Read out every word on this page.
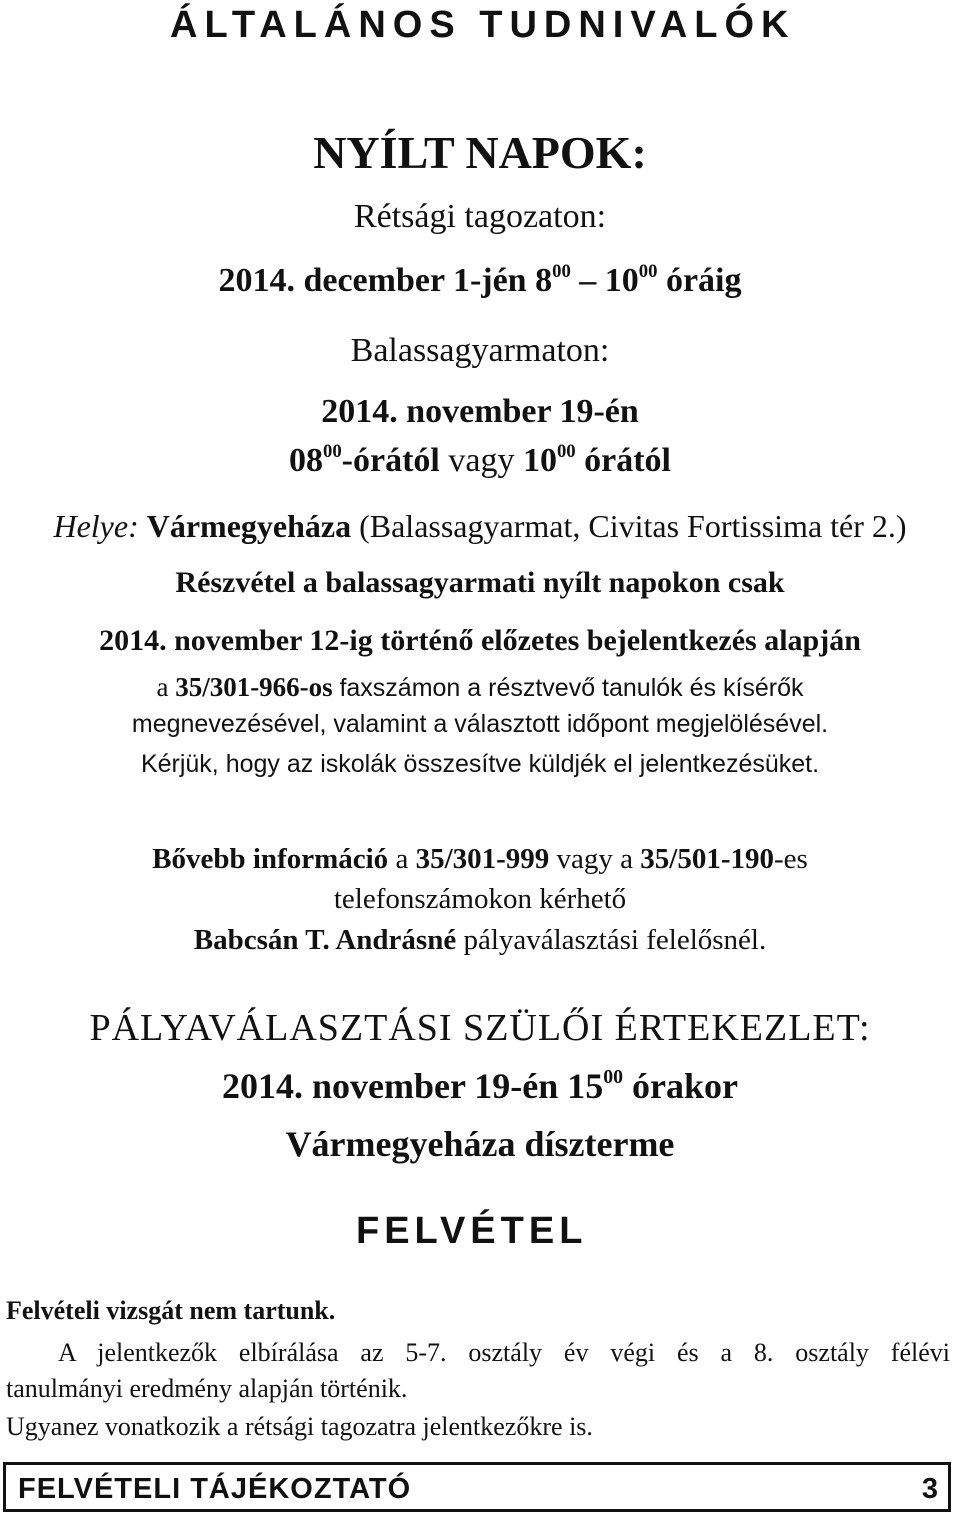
ÁLTALÁNOS TUDNIVALÓK
NYÍLT NAPOK:
Rétsági tagozaton:
2014. december 1-jén $8^{00} - 10^{00}$ óráig
Balassagyarmaton:
2014. november 19-én
$08^{00}$-órától vagy $10^{00}$ órától
Helye: Vármegyeháza (Balassagyarmat, Civitas Fortissima tér 2.)
Részvétel a balassagyarmati nyílt napokon csak
2014. november 12-ig történő előzetes bejelentkezés alapján
a 35/301-966-os faxszámon a résztvevő tanulók és kísérők
megnevezésével, valamint a választott időpont megjelölésével.
Kérjük, hogy az iskolák összesítve küldjék el jelentkezésüket.
Bővebb információ a 35/301-999 vagy a 35/501-190-es
telefonszámokon kérhető
Babcsán T. Andrásné pályaválasztási felelősnél.
PÁLYAVÁLASZTÁSI SZÜLŐI ÉRTEKEZLET:
2014. november 19-én $15^{00}$ órakor
Vármegyeháza díszterme
FELVÉTEL
Felvételi vizsgát nem tartunk.
A jelentkezők elbírálása az 5-7. osztály év végi és a 8. osztály félévi
tanulmányi eredmény alapján történik.
Ugyanez vonatkozik a rétsági tagozatra jelentkezőkre is.
FELVÉTELI TÁJÉKOZTATÓ	3
